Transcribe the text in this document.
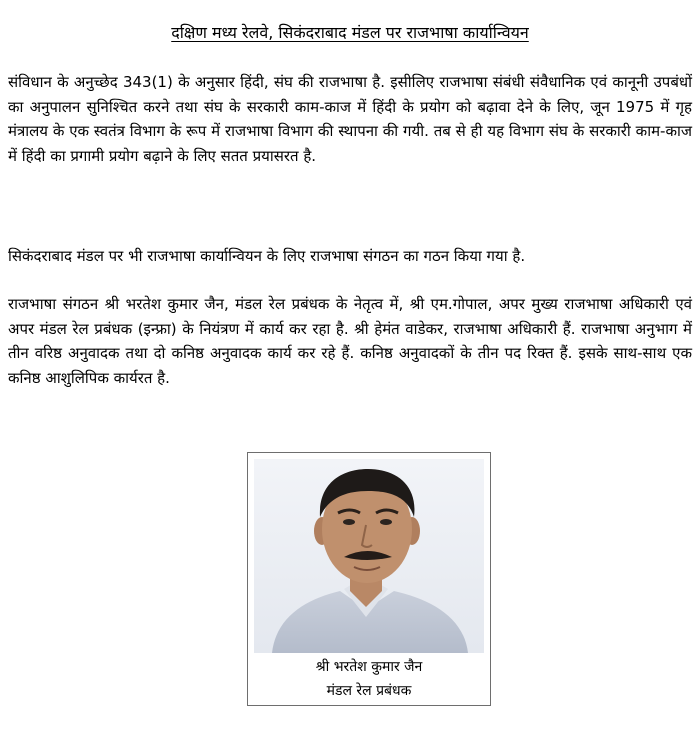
दक्षिण मध्य रेलवे, सिकंदराबाद मंडल पर राजभाषा कार्यान्वियन

संविधान के अनुच्छेद 343(1) के अनुसार हिंदी, संघ की राजभाषा है. इसीलिए राजभाषा संबंधी संवैधानिक एवं कानूनी उपबंधों का अनुपालन सुनिश्चित करने तथा संघ के सरकारी काम-काज में हिंदी के प्रयोग को बढ़ावा देने के लिए, जून 1975 में गृह मंत्रालय के एक स्वतंत्र विभाग के रूप में राजभाषा विभाग की स्थापना की गयी. तब से ही यह विभाग संघ के सरकारी काम-काज में हिंदी का प्रगामी प्रयोग बढ़ाने के लिए सतत प्रयासरत है.

सिकंदराबाद मंडल पर भी राजभाषा कार्यान्वियन के लिए राजभाषा संगठन का गठन किया गया है.

राजभाषा संगठन श्री भरतेश कुमार जैन, मंडल रेल प्रबंधक के नेतृत्व में, श्री एम.गोपाल, अपर मुख्य राजभाषा अधिकारी एवं अपर मंडल रेल प्रबंधक (इन्फ्रा) के नियंत्रण में कार्य कर रहा है. श्री हेमंत वाडेकर, राजभाषा अधिकारी हैं. राजभाषा अनुभाग में तीन वरिष्ठ अनुवादक तथा दो कनिष्ठ अनुवादक कार्य कर रहे हैं. कनिष्ठ अनुवादकों के तीन पद रिक्त हैं. इसके साथ-साथ एक कनिष्ठ आशुलिपिक कार्यरत है.

श्री भरतेश कुमार जैन
मंडल रेल प्रबंधक
